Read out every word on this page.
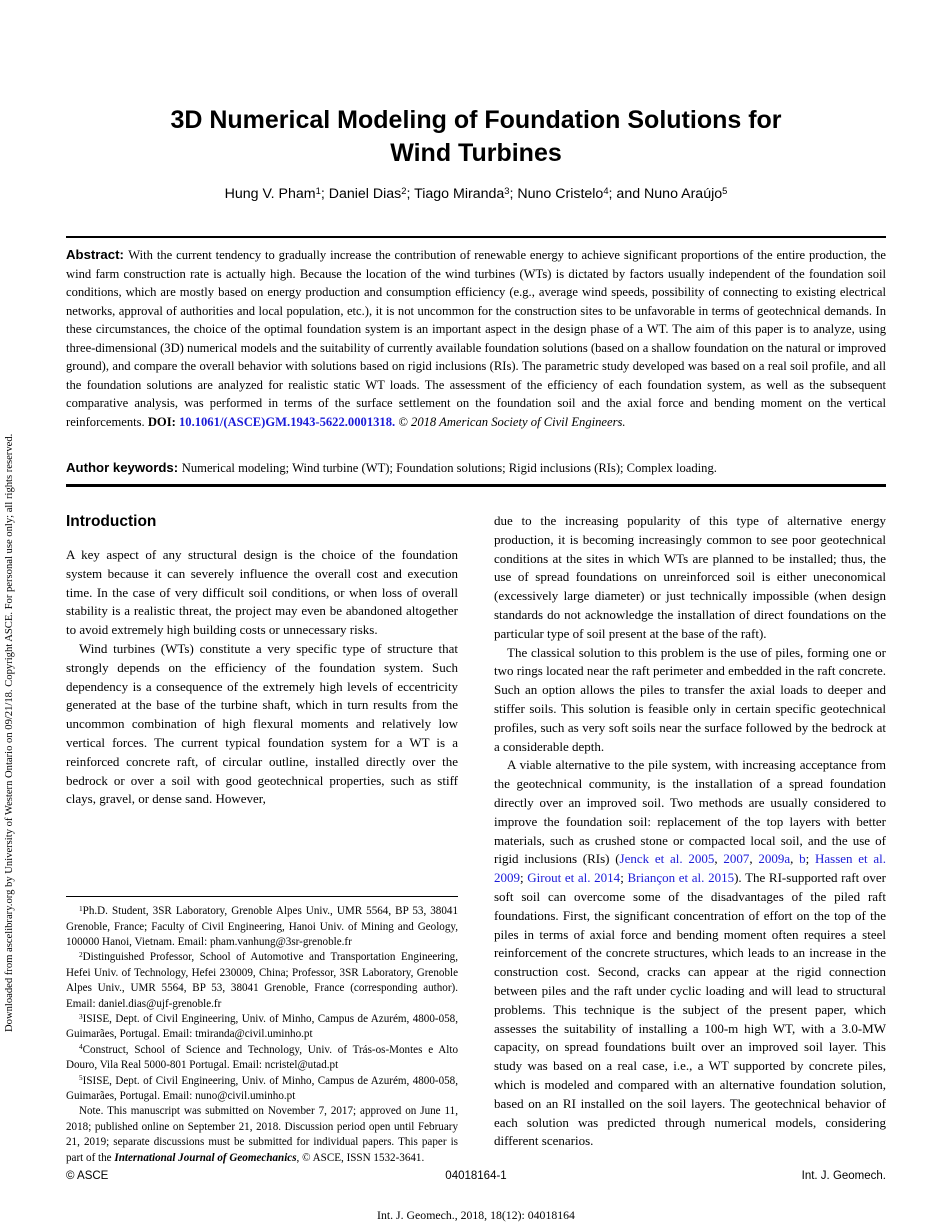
Downloaded from ascelibrary.org by University of Western Ontario on 09/21/18. Copyright ASCE. For personal use only; all rights reserved.
3D Numerical Modeling of Foundation Solutions for
Wind Turbines
Hung V. Pham$^1$; Daniel Dias$^2$; Tiago Miranda$^3$; Nuno Cristelo$^4$; and Nuno Araújo$^5$

Abstract: With the current tendency to gradually increase the contribution of renewable energy to achieve significant proportions of the entire production, the wind farm construction rate is actually high. Because the location of the wind turbines (WTs) is dictated by factors usually independent of the foundation soil conditions, which are mostly based on energy production and consumption efficiency (e.g., average wind speeds, possibility of connecting to existing electrical networks, approval of authorities and local population, etc.), it is not uncommon for the construction sites to be unfavorable in terms of geotechnical demands. In these circumstances, the choice of the optimal foundation system is an important aspect in the design phase of a WT. The aim of this paper is to analyze, using three-dimensional (3D) numerical models and the suitability of currently available foundation solutions (based on a shallow foundation on the natural or improved ground), and compare the overall behavior with solutions based on rigid inclusions (RIs). The parametric study developed was based on a real soil profile, and all the foundation solutions are analyzed for realistic static WT loads. The assessment of the efficiency of each foundation system, as well as the subsequent comparative analysis, was performed in terms of the surface settlement on the foundation soil and the axial force and bending moment on the vertical reinforcements. DOI: 10.1061/(ASCE)GM.1943-5622.0001318. © 2018 American Society of Civil Engineers.

Author keywords: Numerical modeling; Wind turbine (WT); Foundation solutions; Rigid inclusions (RIs); Complex loading.

Introduction

A key aspect of any structural design is the choice of the foundation system because it can severely influence the overall cost and execution time. In the case of very difficult soil conditions, or when loss of overall stability is a realistic threat, the project may even be abandoned altogether to avoid extremely high building costs or unnecessary risks.

Wind turbines (WTs) constitute a very specific type of structure that strongly depends on the efficiency of the foundation system. Such dependency is a consequence of the extremely high levels of eccentricity generated at the base of the turbine shaft, which in turn results from the uncommon combination of high flexural moments and relatively low vertical forces. The current typical foundation system for a WT is a reinforced concrete raft, of circular outline, installed directly over the bedrock or over a soil with good geotechnical properties, such as stiff clays, gravel, or dense sand. However,

$^1$Ph.D. Student, 3SR Laboratory, Grenoble Alpes Univ., UMR 5564, BP 53, 38041 Grenoble, France; Faculty of Civil Engineering, Hanoi Univ. of Mining and Geology, 100000 Hanoi, Vietnam. Email: pham.vanhung@3sr-grenoble.fr

$^2$Distinguished Professor, School of Automotive and Transportation Engineering, Hefei Univ. of Technology, Hefei 230009, China; Professor, 3SR Laboratory, Grenoble Alpes Univ., UMR 5564, BP 53, 38041 Grenoble, France (corresponding author). Email: daniel.dias@ujf-grenoble.fr

$^3$ISISE, Dept. of Civil Engineering, Univ. of Minho, Campus de Azurém, 4800-058, Guimarães, Portugal. Email: tmiranda@civil.uminho.pt

$^4$Construct, School of Science and Technology, Univ. of Trás-os-Montes e Alto Douro, Vila Real 5000-801 Portugal. Email: ncristel@utad.pt

$^5$ISISE, Dept. of Civil Engineering, Univ. of Minho, Campus de Azurém, 4800-058, Guimarães, Portugal. Email: nuno@civil.uminho.pt

Note. This manuscript was submitted on November 7, 2017; approved on June 11, 2018; published online on September 21, 2018. Discussion period open until February 21, 2019; separate discussions must be submitted for individual papers. This paper is part of the International Journal of Geomechanics, © ASCE, ISSN 1532-3641.

due to the increasing popularity of this type of alternative energy production, it is becoming increasingly common to see poor geotechnical conditions at the sites in which WTs are planned to be installed; thus, the use of spread foundations on unreinforced soil is either uneconomical (excessively large diameter) or just technically impossible (when design standards do not acknowledge the installation of direct foundations on the particular type of soil present at the base of the raft).

The classical solution to this problem is the use of piles, forming one or two rings located near the raft perimeter and embedded in the raft concrete. Such an option allows the piles to transfer the axial loads to deeper and stiffer soils. This solution is feasible only in certain specific geotechnical profiles, such as very soft soils near the surface followed by the bedrock at a considerable depth.

A viable alternative to the pile system, with increasing acceptance from the geotechnical community, is the installation of a spread foundation directly over an improved soil. Two methods are usually considered to improve the foundation soil: replacement of the top layers with better materials, such as crushed stone or compacted local soil, and the use of rigid inclusions (RIs) (Jenck et al. 2005, 2007, 2009a, b; Hassen et al. 2009; Girout et al. 2014; Briançon et al. 2015). The RI-supported raft over soft soil can overcome some of the disadvantages of the piled raft foundations. First, the significant concentration of effort on the top of the piles in terms of axial force and bending moment often requires a steel reinforcement of the concrete structures, which leads to an increase in the construction cost. Second, cracks can appear at the rigid connection between piles and the raft under cyclic loading and will lead to structural problems. This technique is the subject of the present paper, which assesses the suitability of installing a 100-m high WT, with a 3.0-MW capacity, on spread foundations built over an improved soil layer. This study was based on a real case, i.e., a WT supported by concrete piles, which is modeled and compared with an alternative foundation solution, based on an RI installed on the soil layers. The geotechnical behavior of each solution was predicted through numerical models, considering different scenarios.

© ASCE	04018164-1	Int. J. Geomech.
Int. J. Geomech., 2018, 18(12): 04018164
